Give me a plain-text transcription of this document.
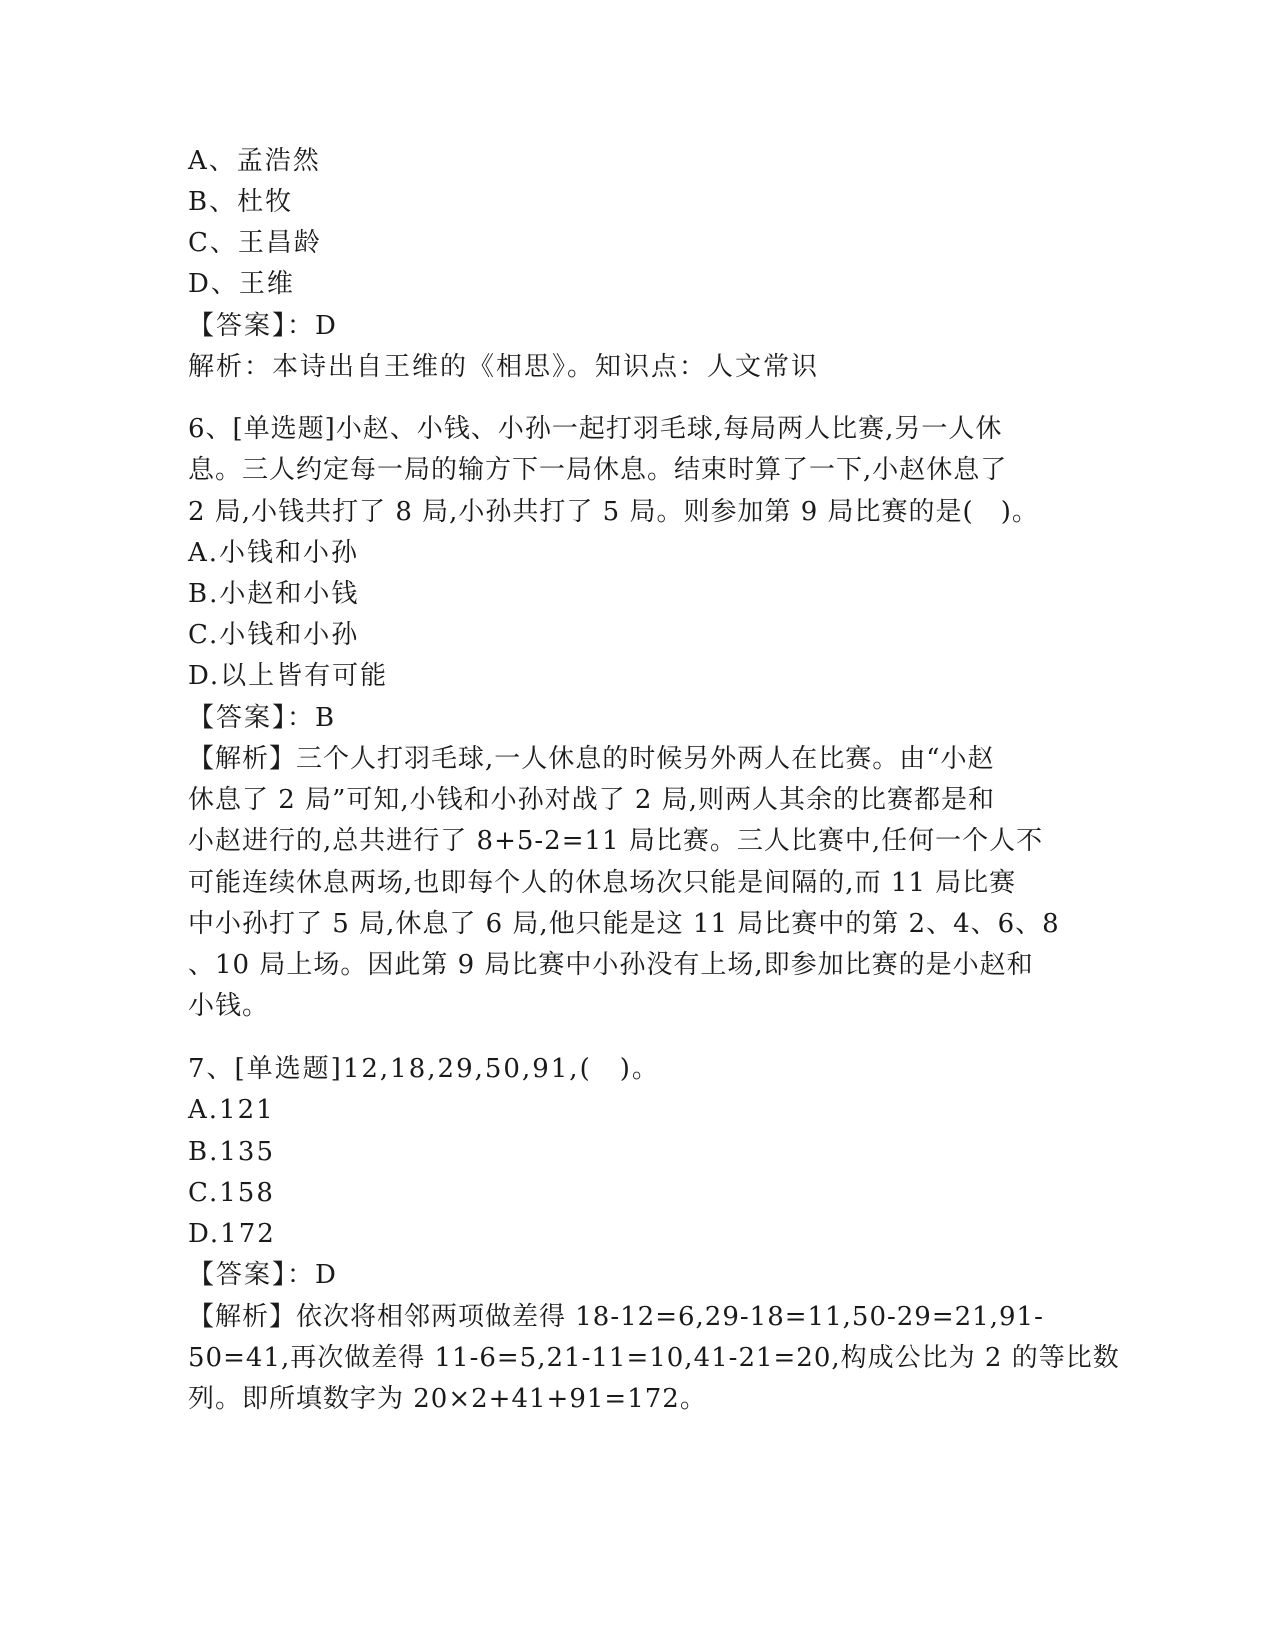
A、孟浩然
B、杜牧
C、王昌龄
D、王维
【答案】：D
解析：本诗出自王维的《相思》。知识点：人文常识
6、[单选题]小赵、小钱、小孙一起打羽毛球,每局两人比赛,另一人休
息。三人约定每一局的输方下一局休息。结束时算了一下,小赵休息了
2 局,小钱共打了 8 局,小孙共打了 5 局。则参加第 9 局比赛的是(　)。
A.小钱和小孙
B.小赵和小钱
C.小钱和小孙
D.以上皆有可能
【答案】：B
【解析】三个人打羽毛球,一人休息的时候另外两人在比赛。由“小赵
休息了 2 局”可知,小钱和小孙对战了 2 局,则两人其余的比赛都是和
小赵进行的,总共进行了 8+5-2=11 局比赛。三人比赛中,任何一个人不
可能连续休息两场,也即每个人的休息场次只能是间隔的,而 11 局比赛
中小孙打了 5 局,休息了 6 局,他只能是这 11 局比赛中的第 2、4、6、8
、10 局上场。因此第 9 局比赛中小孙没有上场,即参加比赛的是小赵和
小钱。
7、[单选题]12,18,29,50,91,(　)。
A.121
B.135
C.158
D.172
【答案】：D
【解析】依次将相邻两项做差得 18-12=6,29-18=11,50-29=21,91-
50=41,再次做差得 11-6=5,21-11=10,41-21=20,构成公比为 2 的等比数
列。即所填数字为 20×2+41+91=172。
